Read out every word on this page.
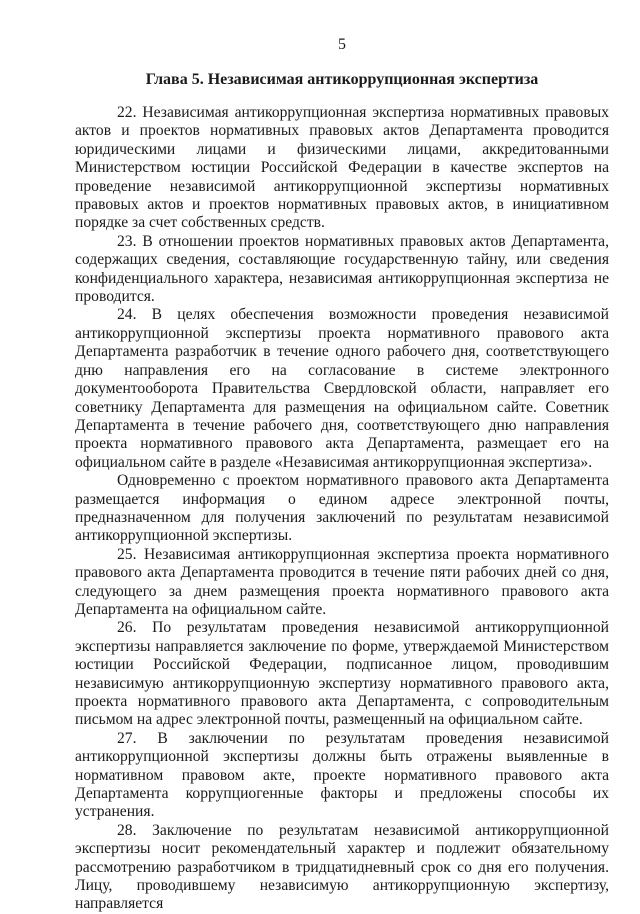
5
Глава 5. Независимая антикоррупционная экспертиза

22. Независимая антикоррупционная экспертиза нормативных правовых актов и проектов нормативных правовых актов Департамента проводится юридическими лицами и физическими лицами, аккредитованными Министерством юстиции Российской Федерации в качестве экспертов на проведение независимой антикоррупционной экспертизы нормативных правовых актов и проектов нормативных правовых актов, в инициативном порядке за счет собственных средств.

23. В отношении проектов нормативных правовых актов Департамента, содержащих сведения, составляющие государственную тайну, или сведения конфиденциального характера, независимая антикоррупционная экспертиза не проводится.

24. В целях обеспечения возможности проведения независимой антикоррупционной экспертизы проекта нормативного правового акта Департамента разработчик в течение одного рабочего дня, соответствующего дню направления его на согласование в системе электронного документооборота Правительства Свердловской области, направляет его советнику Департамента для размещения на официальном сайте. Советник Департамента в течение рабочего дня, соответствующего дню направления проекта нормативного правового акта Департамента, размещает его на официальном сайте в разделе «Независимая антикоррупционная экспертиза».

Одновременно с проектом нормативного правового акта Департамента размещается информация о едином адресе электронной почты, предназначенном для получения заключений по результатам независимой антикоррупционной экспертизы.

25. Независимая антикоррупционная экспертиза проекта нормативного правового акта Департамента проводится в течение пяти рабочих дней со дня, следующего за днем размещения проекта нормативного правового акта Департамента на официальном сайте.

26. По результатам проведения независимой антикоррупционной экспертизы направляется заключение по форме, утверждаемой Министерством юстиции Российской Федерации, подписанное лицом, проводившим независимую антикоррупционную экспертизу нормативного правового акта, проекта нормативного правового акта Департамента, с сопроводительным письмом на адрес электронной почты, размещенный на официальном сайте.

27. В заключении по результатам проведения независимой антикоррупционной экспертизы должны быть отражены выявленные в нормативном правовом акте, проекте нормативного правового акта Департамента коррупциогенные факторы и предложены способы их устранения.

28. Заключение по результатам независимой антикоррупционной экспертизы носит рекомендательный характер и подлежит обязательному рассмотрению разработчиком в тридцатидневный срок со дня его получения. Лицу, проводившему независимую антикоррупционную экспертизу, направляется
